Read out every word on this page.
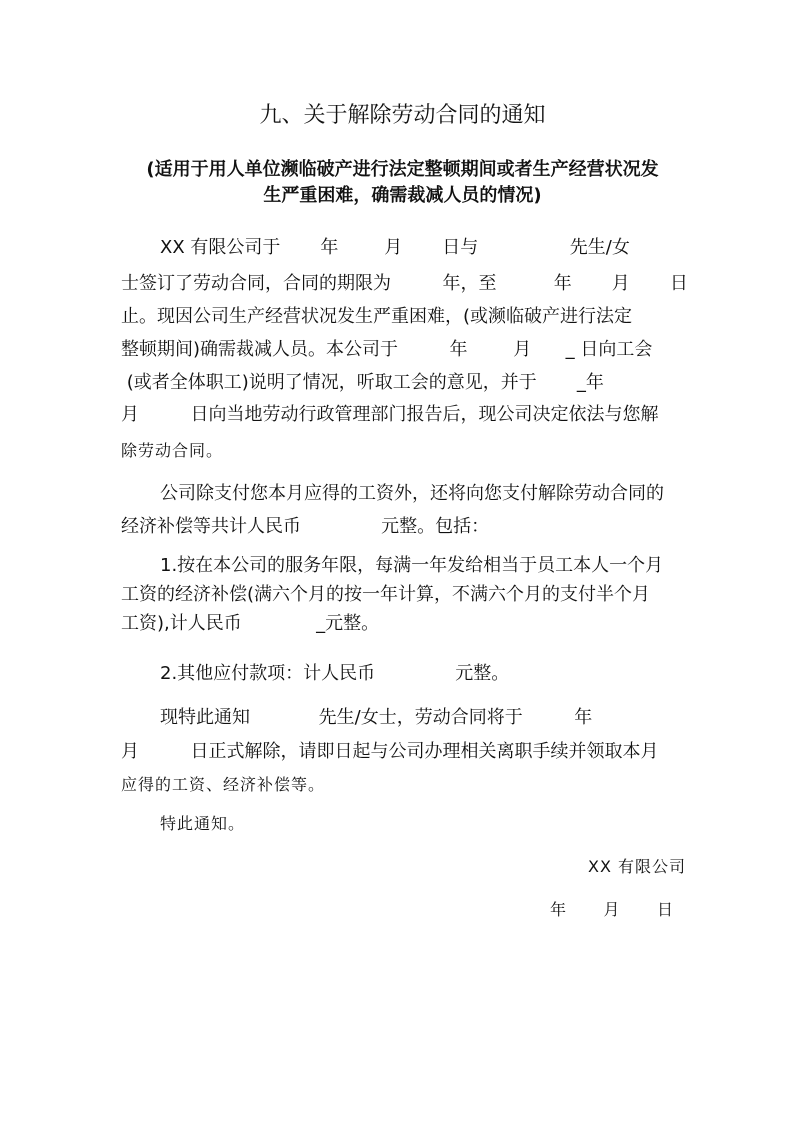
九、关于解除劳动合同的通知
(适用于用人单位濒临破产进行法定整顿期间或者生产经营状况发
生严重困难，确需裁减人员的情况)
XX 有限公司于       年        月       日与                先生/女
士签订了劳动合同，合同的期限为         年，至          年       月       日
止。现因公司生产经营状况发生严重困难，(或濒临破产进行法定
整顿期间)确需裁减人员。本公司于         年        月      _ 日向工会
(或者全体职工)说明了情况，听取工会的意见，并于       _年
月         日向当地劳动行政管理部门报告后，现公司决定依法与您解
除劳动合同。
公司除支付您本月应得的工资外，还将向您支付解除劳动合同的
经济补偿等共计人民币              元整。包括：
1.按在本公司的服务年限，每满一年发给相当于员工本人一个月
工资的经济补偿(满六个月的按一年计算，不满六个月的支付半个月
工资),计人民币             _元整。
2.其他应付款项：计人民币              元整。
现特此通知            先生/女士，劳动合同将于         年
月         日正式解除，请即日起与公司办理相关离职手续并领取本月
应得的工资、经济补偿等。
特此通知。
XX 有限公司
年      月      日
